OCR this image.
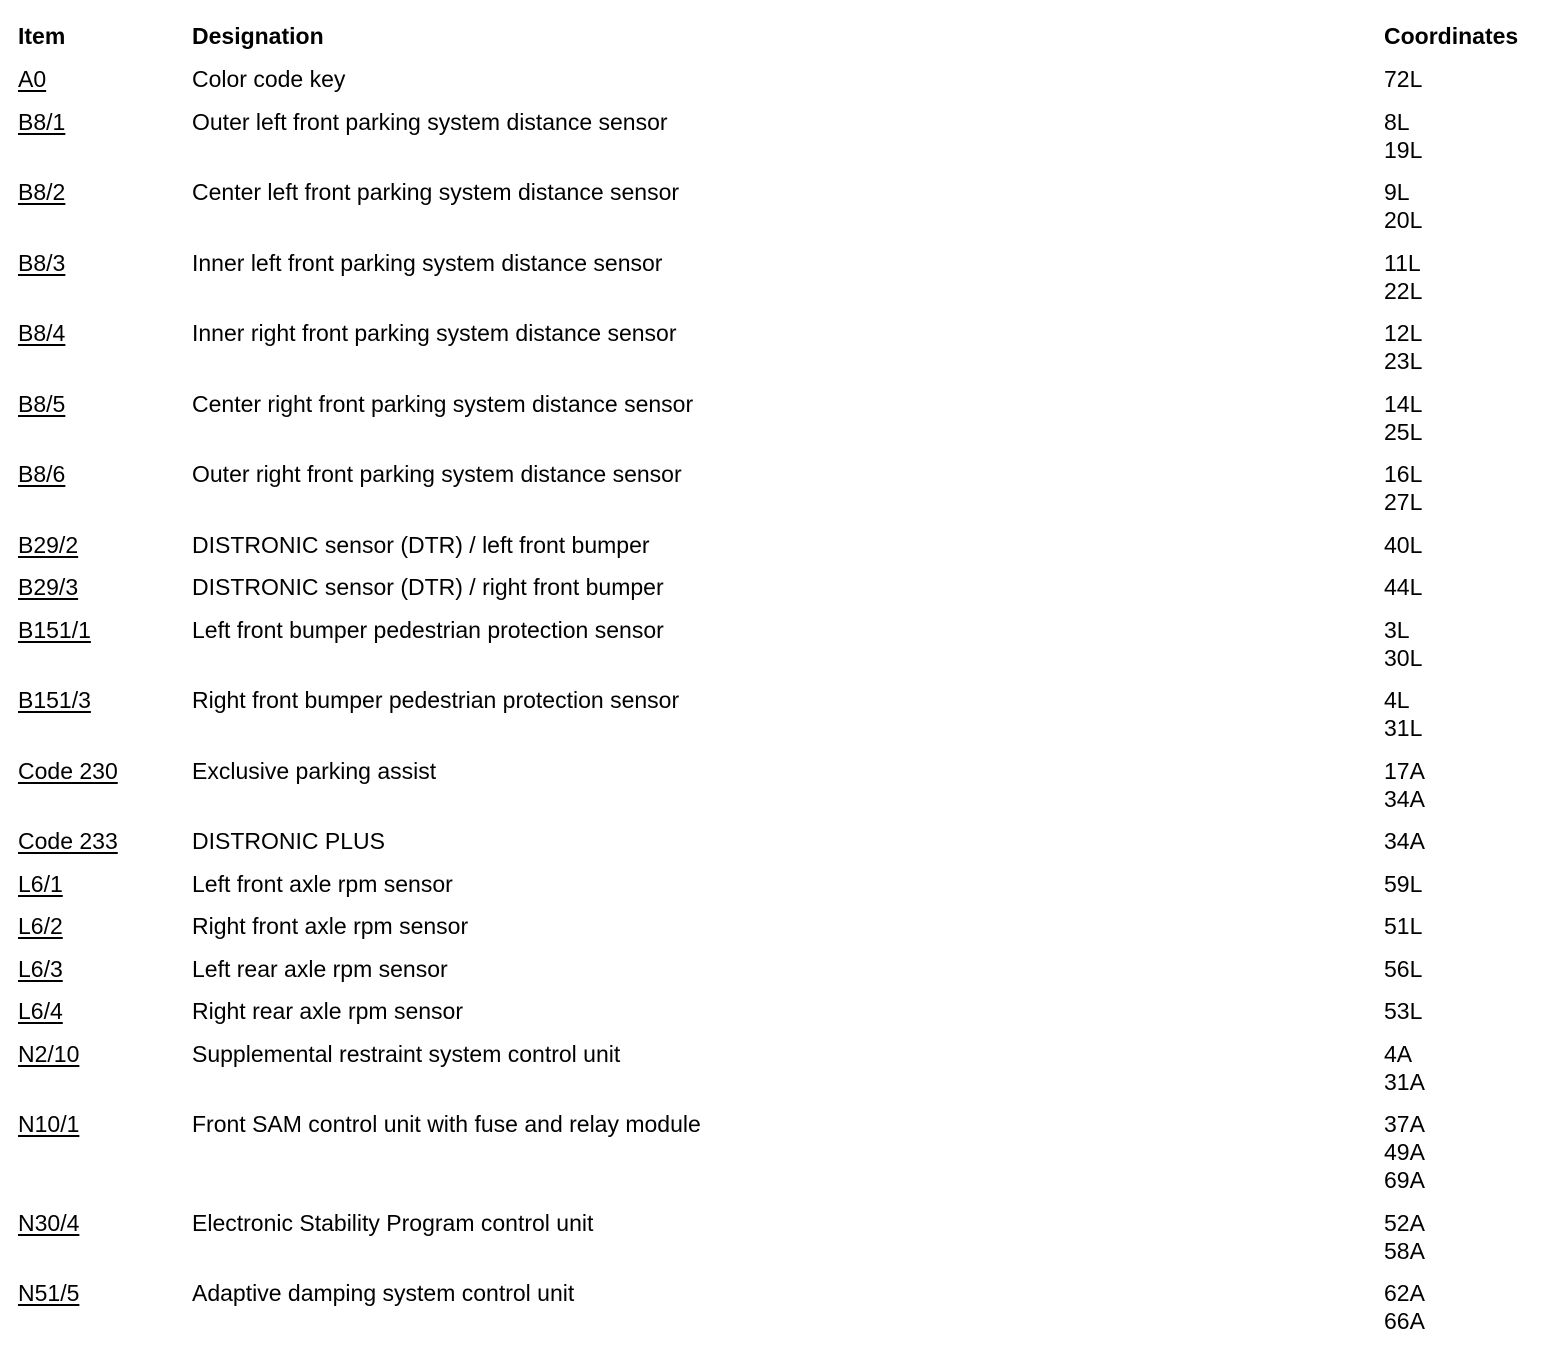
Item	Designation	Coordinates
A0	Color code key	72L
B8/1	Outer left front parking system distance sensor	8L
19L
B8/2	Center left front parking system distance sensor	9L
20L
B8/3	Inner left front parking system distance sensor	11L
22L
B8/4	Inner right front parking system distance sensor	12L
23L
B8/5	Center right front parking system distance sensor	14L
25L
B8/6	Outer right front parking system distance sensor	16L
27L
B29/2	DISTRONIC sensor (DTR) / left front bumper	40L
B29/3	DISTRONIC sensor (DTR) / right front bumper	44L
B151/1	Left front bumper pedestrian protection sensor	3L
30L
B151/3	Right front bumper pedestrian protection sensor	4L
31L
Code 230	Exclusive parking assist	17A
34A
Code 233	DISTRONIC PLUS	34A
L6/1	Left front axle rpm sensor	59L
L6/2	Right front axle rpm sensor	51L
L6/3	Left rear axle rpm sensor	56L
L6/4	Right rear axle rpm sensor	53L
N2/10	Supplemental restraint system control unit	4A
31A
N10/1	Front SAM control unit with fuse and relay module	37A
49A
69A
N30/4	Electronic Stability Program control unit	52A
58A
N51/5	Adaptive damping system control unit	62A
66A
